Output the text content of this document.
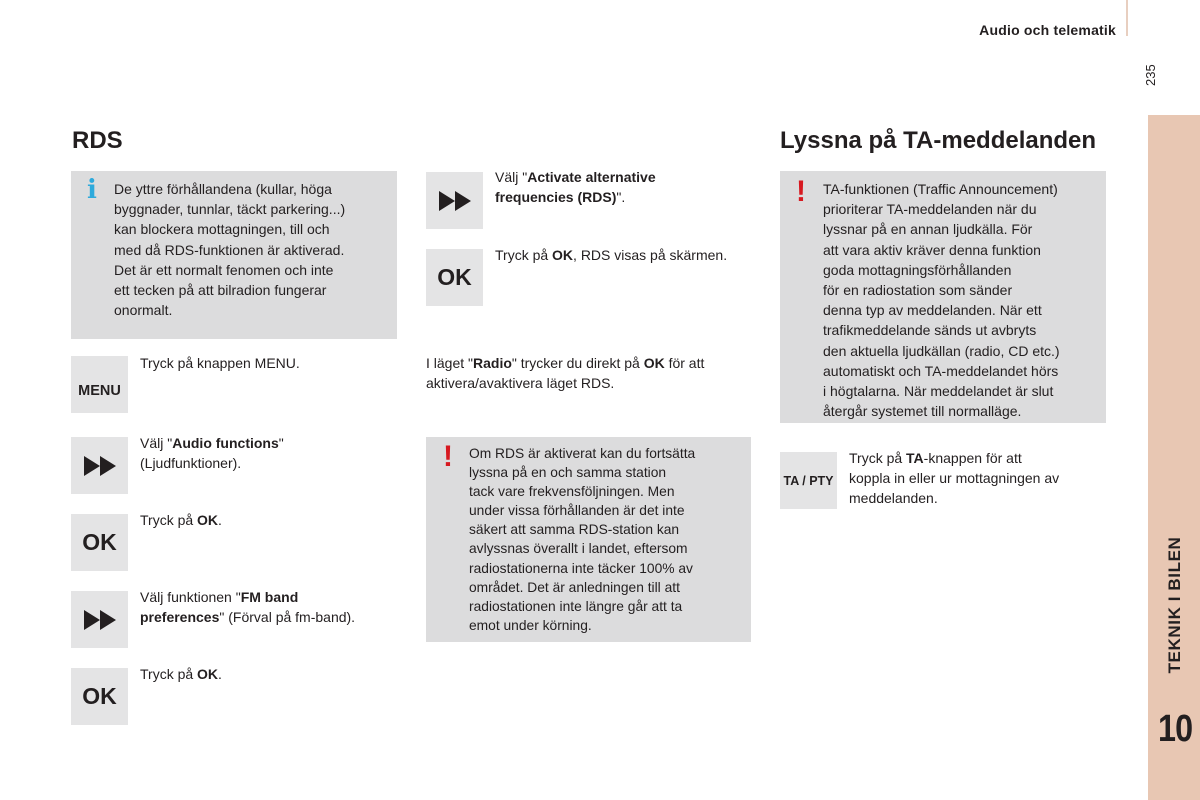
Audio och telematik
235
TEKNIK I BILEN
10
RDS
i De yttre förhållandena (kullar, höga
byggnader, tunnlar, täckt parkering...)
kan blockera mottagningen, till och
med då RDS-funktionen är aktiverad.
Det är ett normalt fenomen och inte
ett tecken på att bilradion fungerar
onormalt.
MENU
Tryck på knappen MENU.
Välj "Audio functions"
(Ljudfunktioner).
OK
Tryck på OK.
Välj funktionen "FM band
preferences" (Förval på fm-band).
OK
Tryck på OK.
Välj "Activate alternative
frequencies (RDS)".
OK
Tryck på OK, RDS visas på skärmen.
I läget "Radio" trycker du direkt på OK för att
aktivera/avaktivera läget RDS.
! Om RDS är aktiverat kan du fortsätta
lyssna på en och samma station
tack vare frekvensföljningen. Men
under vissa förhållanden är det inte
säkert att samma RDS-station kan
avlyssnas överallt i landet, eftersom
radiostationerna inte täcker 100% av
området. Det är anledningen till att
radiostationen inte längre går att ta
emot under körning.
Lyssna på TA-meddelanden
! TA-funktionen (Traffic Announcement)
prioriterar TA-meddelanden när du
lyssnar på en annan ljudkälla. För
att vara aktiv kräver denna funktion
goda mottagningsförhållanden
för en radiostation som sänder
denna typ av meddelanden. När ett
trafikmeddelande sänds ut avbryts
den aktuella ljudkällan (radio, CD etc.)
automatiskt och TA-meddelandet hörs
i högtalarna. När meddelandet är slut
återgår systemet till normalläge.
TA / PTY
Tryck på TA-knappen för att
koppla in eller ur mottagningen av
meddelanden.
